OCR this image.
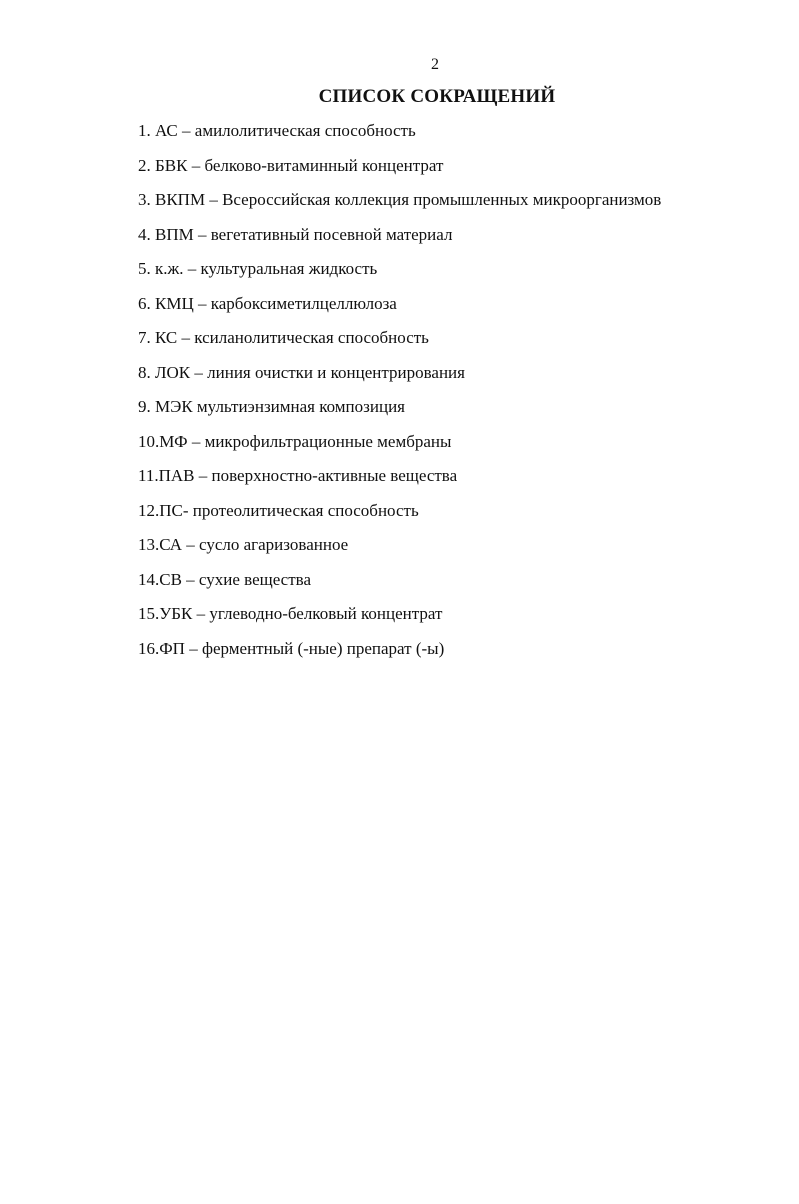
2
СПИСОК СОКРАЩЕНИЙ
1. АС – амилолитическая способность
2. БВК – белково-витаминный концентрат
3. ВКПМ – Всероссийская коллекция промышленных микроорганизмов
4. ВПМ – вегетативный посевной материал
5. к.ж. – культуральная жидкость
6. КМЦ – карбоксиметилцеллюлоза
7. КС – ксиланолитическая способность
8. ЛОК – линия очистки и концентрирования
9. МЭК мультиэнзимная композиция
10.МФ – микрофильтрационные мембраны
11.ПАВ – поверхностно-активные вещества
12.ПС- протеолитическая способность
13.СА – сусло агаризованное
14.СВ – сухие вещества
15.УБК – углеводно-белковый концентрат
16.ФП – ферментный (-ные) препарат (-ы)
